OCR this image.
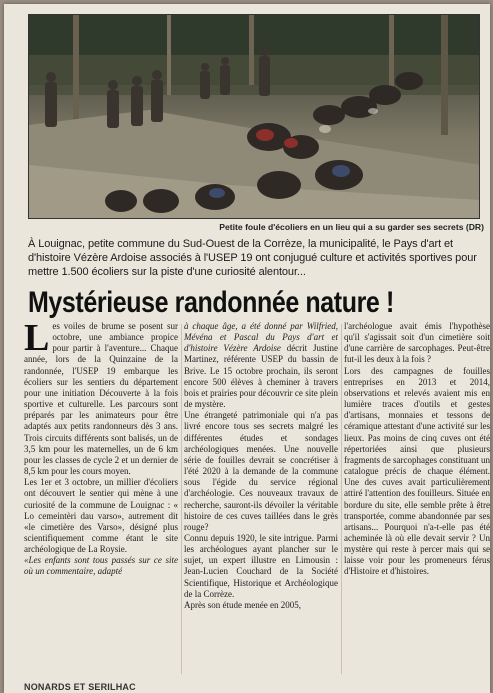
Petite foule d'écoliers en un lieu qui a su garder ses secrets (DR)
À Louignac, petite commune du Sud-Ouest de la Corrèze, la municipalité, le Pays d'art et d'histoire Vézère Ardoise associés à l'USEP 19 ont conjugué culture et activités sportives pour mettre 1.500 écoliers sur la piste d'une curiosité alentour...
Mystérieuse randonnée nature !
L es voiles de brume se posent sur octobre, une ambiance propice pour partir à l'aventure... Chaque année, lors de la Quinzaine de la randonnée, l'USEP 19 embarque les écoliers sur les sentiers du département pour une initiation Découverte à la fois sportive et culturelle. Les parcours sont préparés par les animateurs pour être adaptés aux petits randonneurs dès 3 ans. Trois circuits différents sont balisés, un de 3,5 km pour les maternelles, un de 6 km pour les classes de cycle 2 et un dernier de 8,5 km pour les cours moyen.

Les 1er et 3 octobre, un millier d'écoliers ont découvert le sentier qui mène à une curiosité de la commune de Louignac : « Lo cemeintèri dau varso», autrement dit «le cimetière des Varso», désigné plus scientifiquement comme étant le site archéologique de La Roysie.

«Les enfants sont tous passés sur ce site où un commentaire, adapté

à chaque âge, a été donné par Wilfried, Mévéna et Pascal du Pays d'art et d'histoire Vézère Ardoise décrit Justine Martinez, référente USEP du bassin de Brive. Le 15 octobre prochain, ils seront encore 500 élèves à cheminer à travers bois et prairies pour découvrir ce site plein de mystère.

Une étrangeté patrimoniale qui n'a pas livré encore tous ses secrets malgré les différentes études et sondages archéologiques menées. Une nouvelle série de fouilles devrait se concrétiser à l'été 2020 à la demande de la commune sous l'égide du service régional d'archéologie. Ces nouveaux travaux de recherche, sauront-ils dévoiler la véritable histoire de ces cuves taillées dans le grès rouge?

Connu depuis 1920, le site intrigue. Parmi les archéologues ayant plancher sur le sujet, un expert illustre en Limousin : Jean-Lucien Couchard de la Société Scientifique, Historique et Archéologique de la Corrèze.

Après son étude menée en 2005,

l'archéologue avait émis l'hypothèse qu'il s'agissait soit d'un cimetière soit d'une carrière de sarcophages. Peut-être fut-il les deux à la fois ?

Lors des campagnes de fouilles entreprises en 2013 et 2014, observations et relevés avaient mis en lumière traces d'outils et gestes d'artisans, monnaies et tessons de céramique attestant d'une activité sur les lieux. Pas moins de cinq cuves ont été répertoriées ainsi que plusieurs fragments de sarcophages constituant un catalogue précis de chaque élément. Une des cuves avait particulièrement attiré l'attention des fouilleurs. Située en bordure du site, elle semble prête à être transportée, comme abandonnée par ses artisans... Pourquoi n'a-t-elle pas été acheminée là où elle devait servir ? Un mystère qui reste à percer mais qui se laisse voir pour les promeneurs férus d'Histoire et d'histoires.

NONARDS ET SERILHAC
